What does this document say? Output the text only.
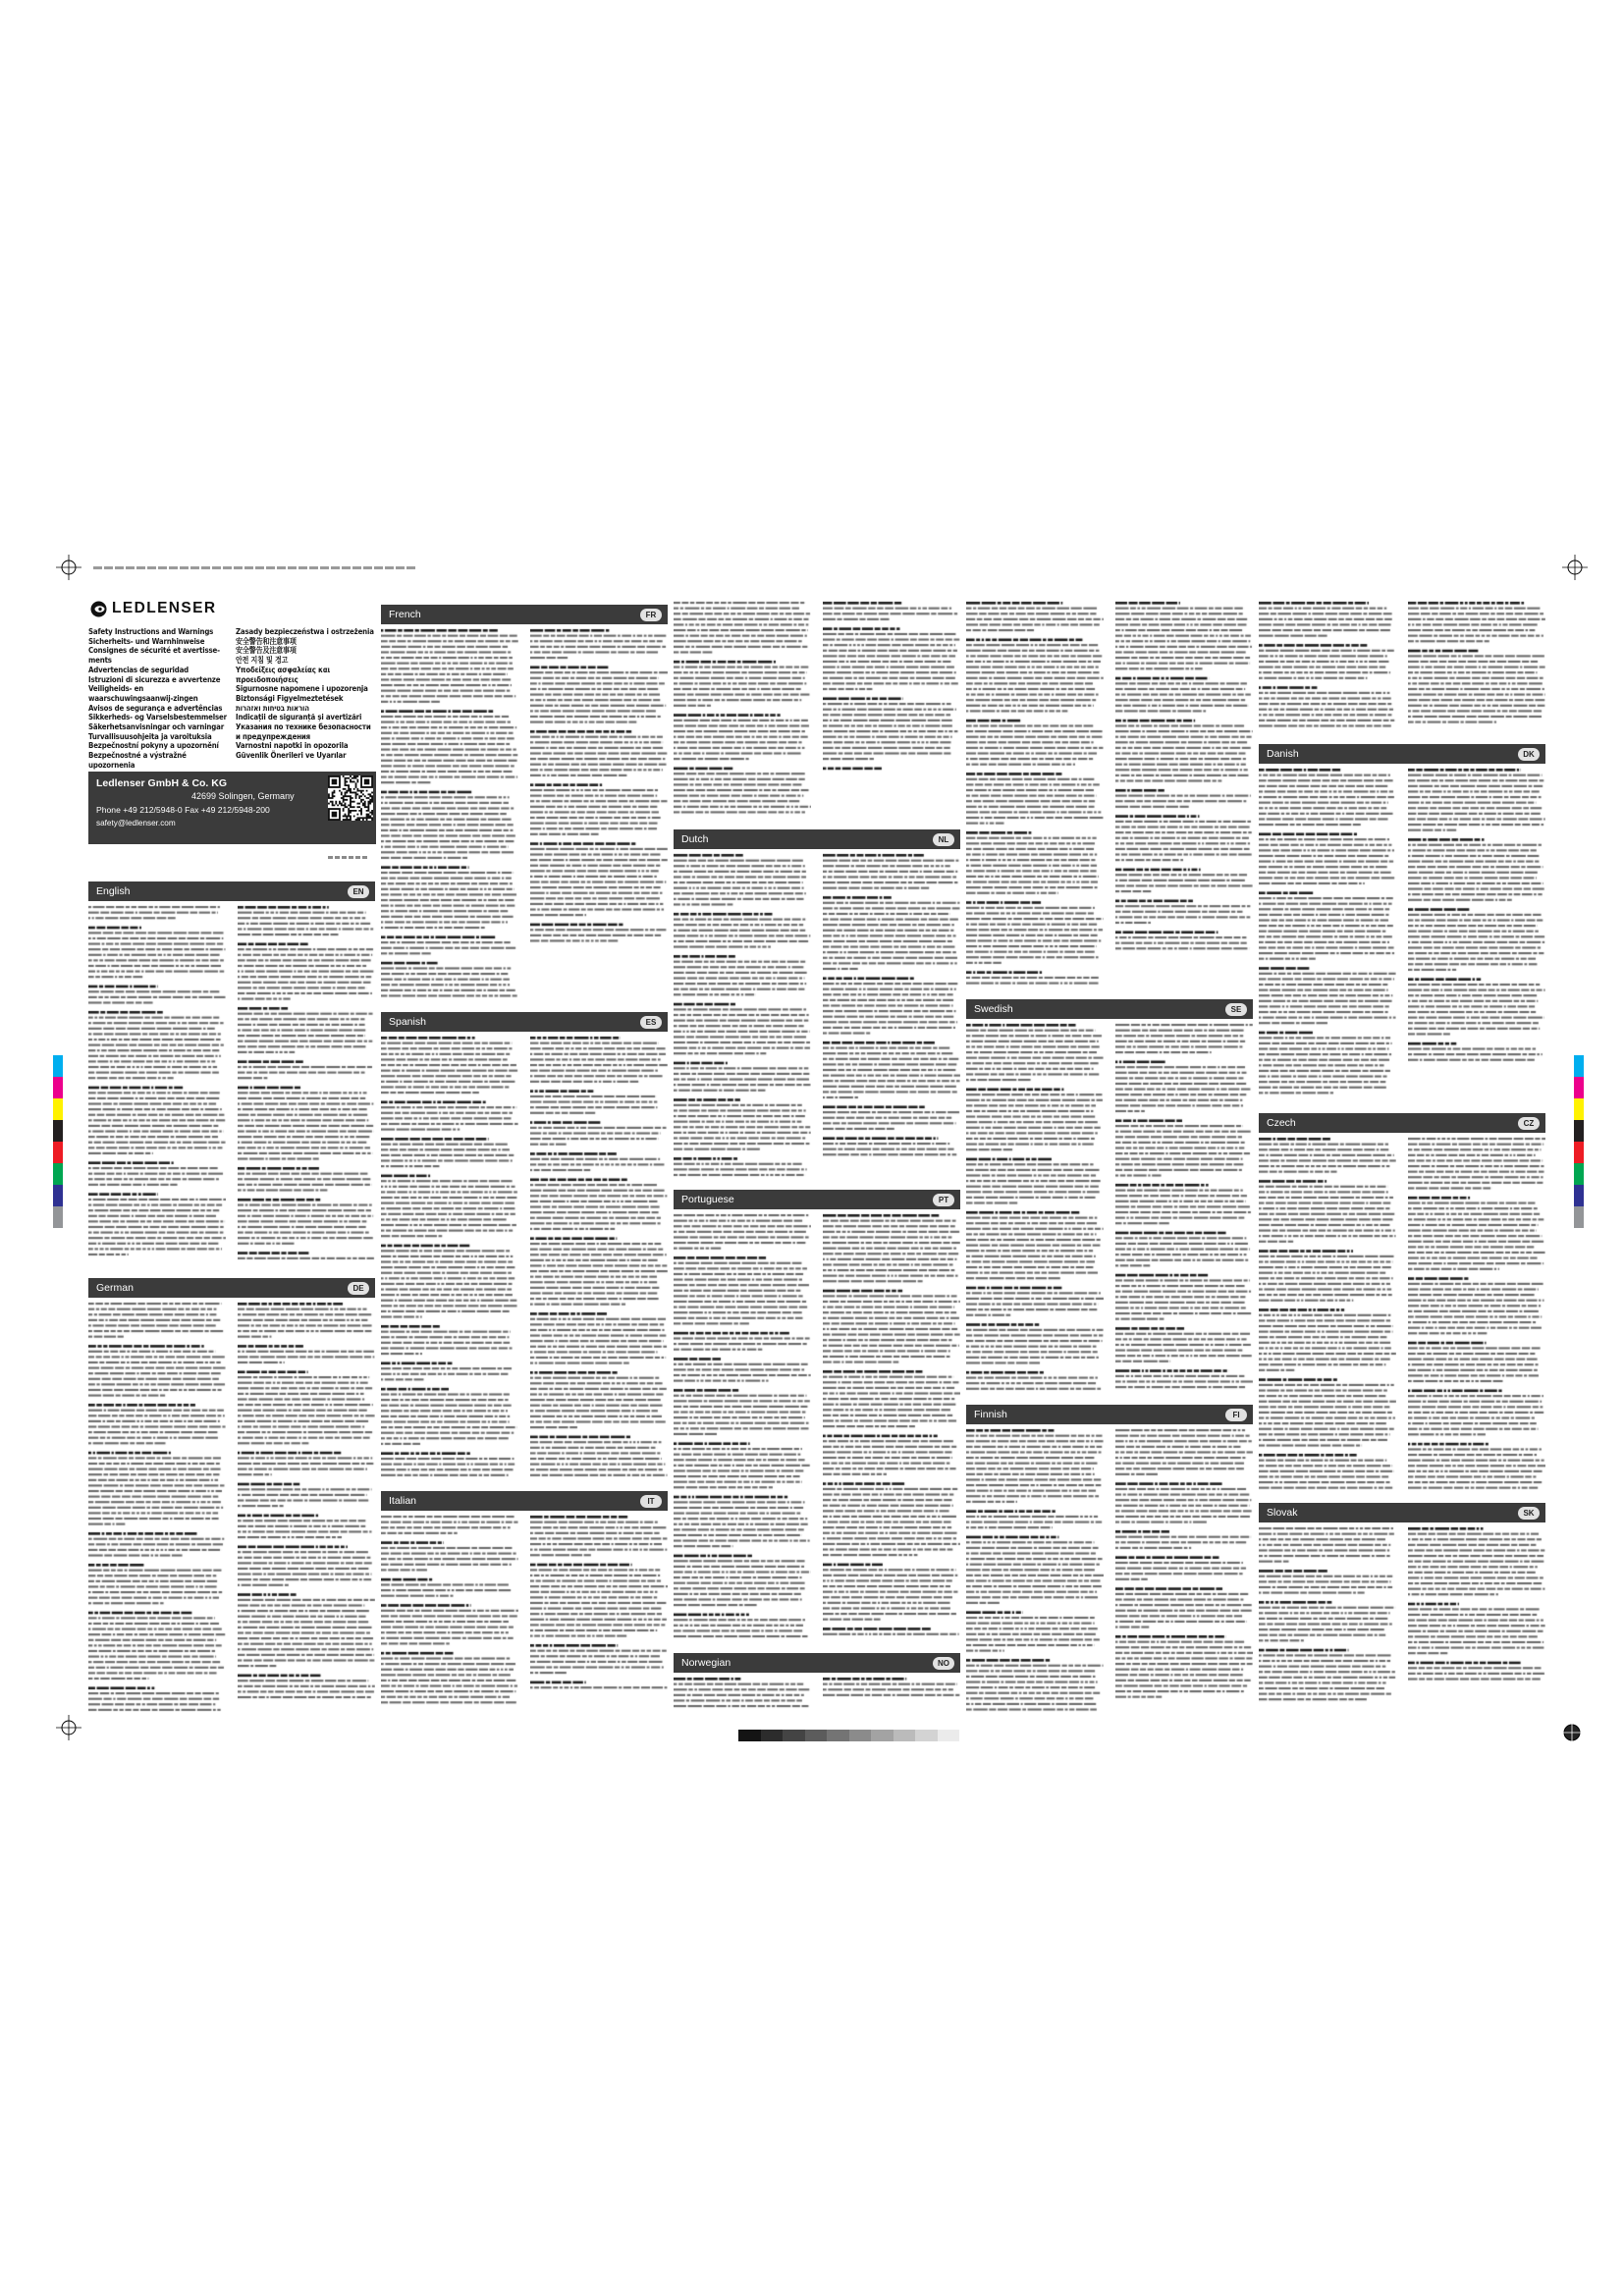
LEDLENSER
Safety Instructions and Warnings
Sicherheits- und Warnhinweise
Consignes de sécurité et avertisse-ments
Advertencias de seguridad
Istruzioni di sicurezza e avvertenze
Veiligheids- en waarschuwingsaanwij-zingen
Avisos de segurança e advertências
Sikkerheds- og Varselsbestemmelser
Säkerhetsanvisningar och varningar
Turvallisuusohjeita ja varoituksia
Bezpečnostní pokyny a upozornění
Bezpečnostné a výstražné upozornenia
Zasady bezpieczeństwa i ostrzeżenia
安全警告和注意事项
安全警告及注意事項
안전 지침 및 경고
Υποδείξεις ασφαλείας και προειδοποιήσεις
Sigurnosne napomene i upozorenja
Biztonsági Figyelmeztetések
הוראות בטיחות ואזהרות
Indicații de siguranță și avertizări
Указания по технике безопасности и предупреждения
Varnostni napotki in opozorila
Güvenlik Önerileri ve Uyarılar
Ledlenser GmbH & Co. KG
42699 Solingen, Germany
Phone +49 212/5948-0 Fax +49 212/5948-200
safety@ledlenser.com
English	EN
German	DE
French	FR
Spanish	ES
Italian	IT
Dutch	NL
Portuguese	PT
Norwegian	NO
Swedish	SE
Finnish	FI
Danish	DK
Czech	CZ
Slovak	SK
